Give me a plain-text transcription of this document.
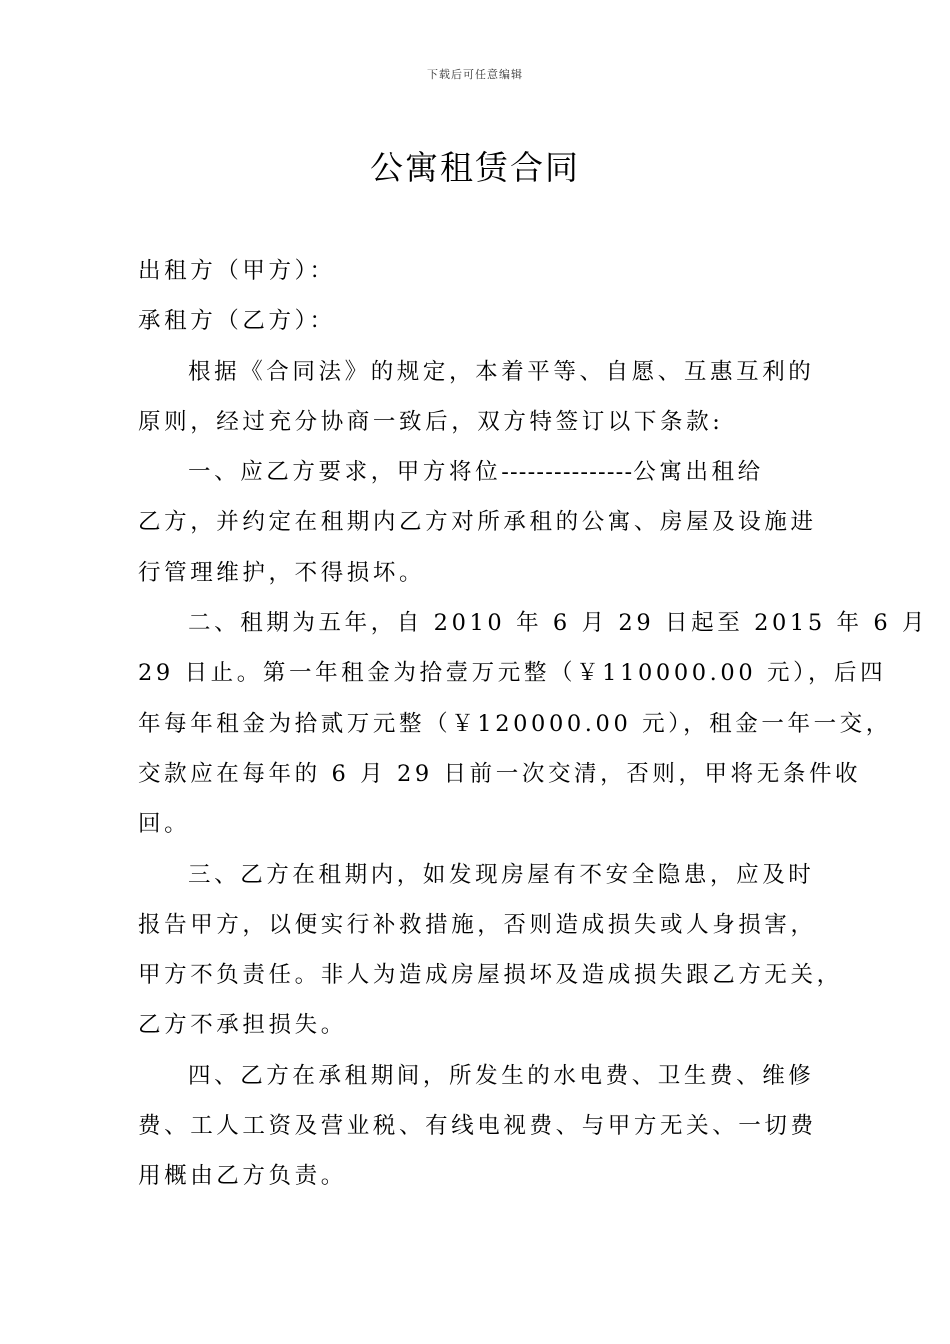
下载后可任意编辑
公寓租赁合同
出租方（甲方）：
承租方（乙方）：
根据《合同法》的规定，本着平等、自愿、互惠互利的
原则，经过充分协商一致后，双方特签订以下条款:
一、应乙方要求，甲方将位---------------公寓出租给
乙方，并约定在租期内乙方对所承租的公寓、房屋及设施进
行管理维护，不得损坏。
二、租期为五年，自 2010 年 6 月 29 日起至 2015 年 6 月
29 日止。第一年租金为拾壹万元整（￥110000.00 元），后四
年每年租金为拾贰万元整（￥120000.00 元），租金一年一交，
交款应在每年的 6 月 29 日前一次交清，否则，甲将无条件收
回。
三、乙方在租期内，如发现房屋有不安全隐患，应及时
报告甲方，以便实行补救措施，否则造成损失或人身损害，
甲方不负责任。非人为造成房屋损坏及造成损失跟乙方无关，
乙方不承担损失。
四、乙方在承租期间，所发生的水电费、卫生费、维修
费、工人工资及营业税、有线电视费、与甲方无关、一切费
用概由乙方负责。
